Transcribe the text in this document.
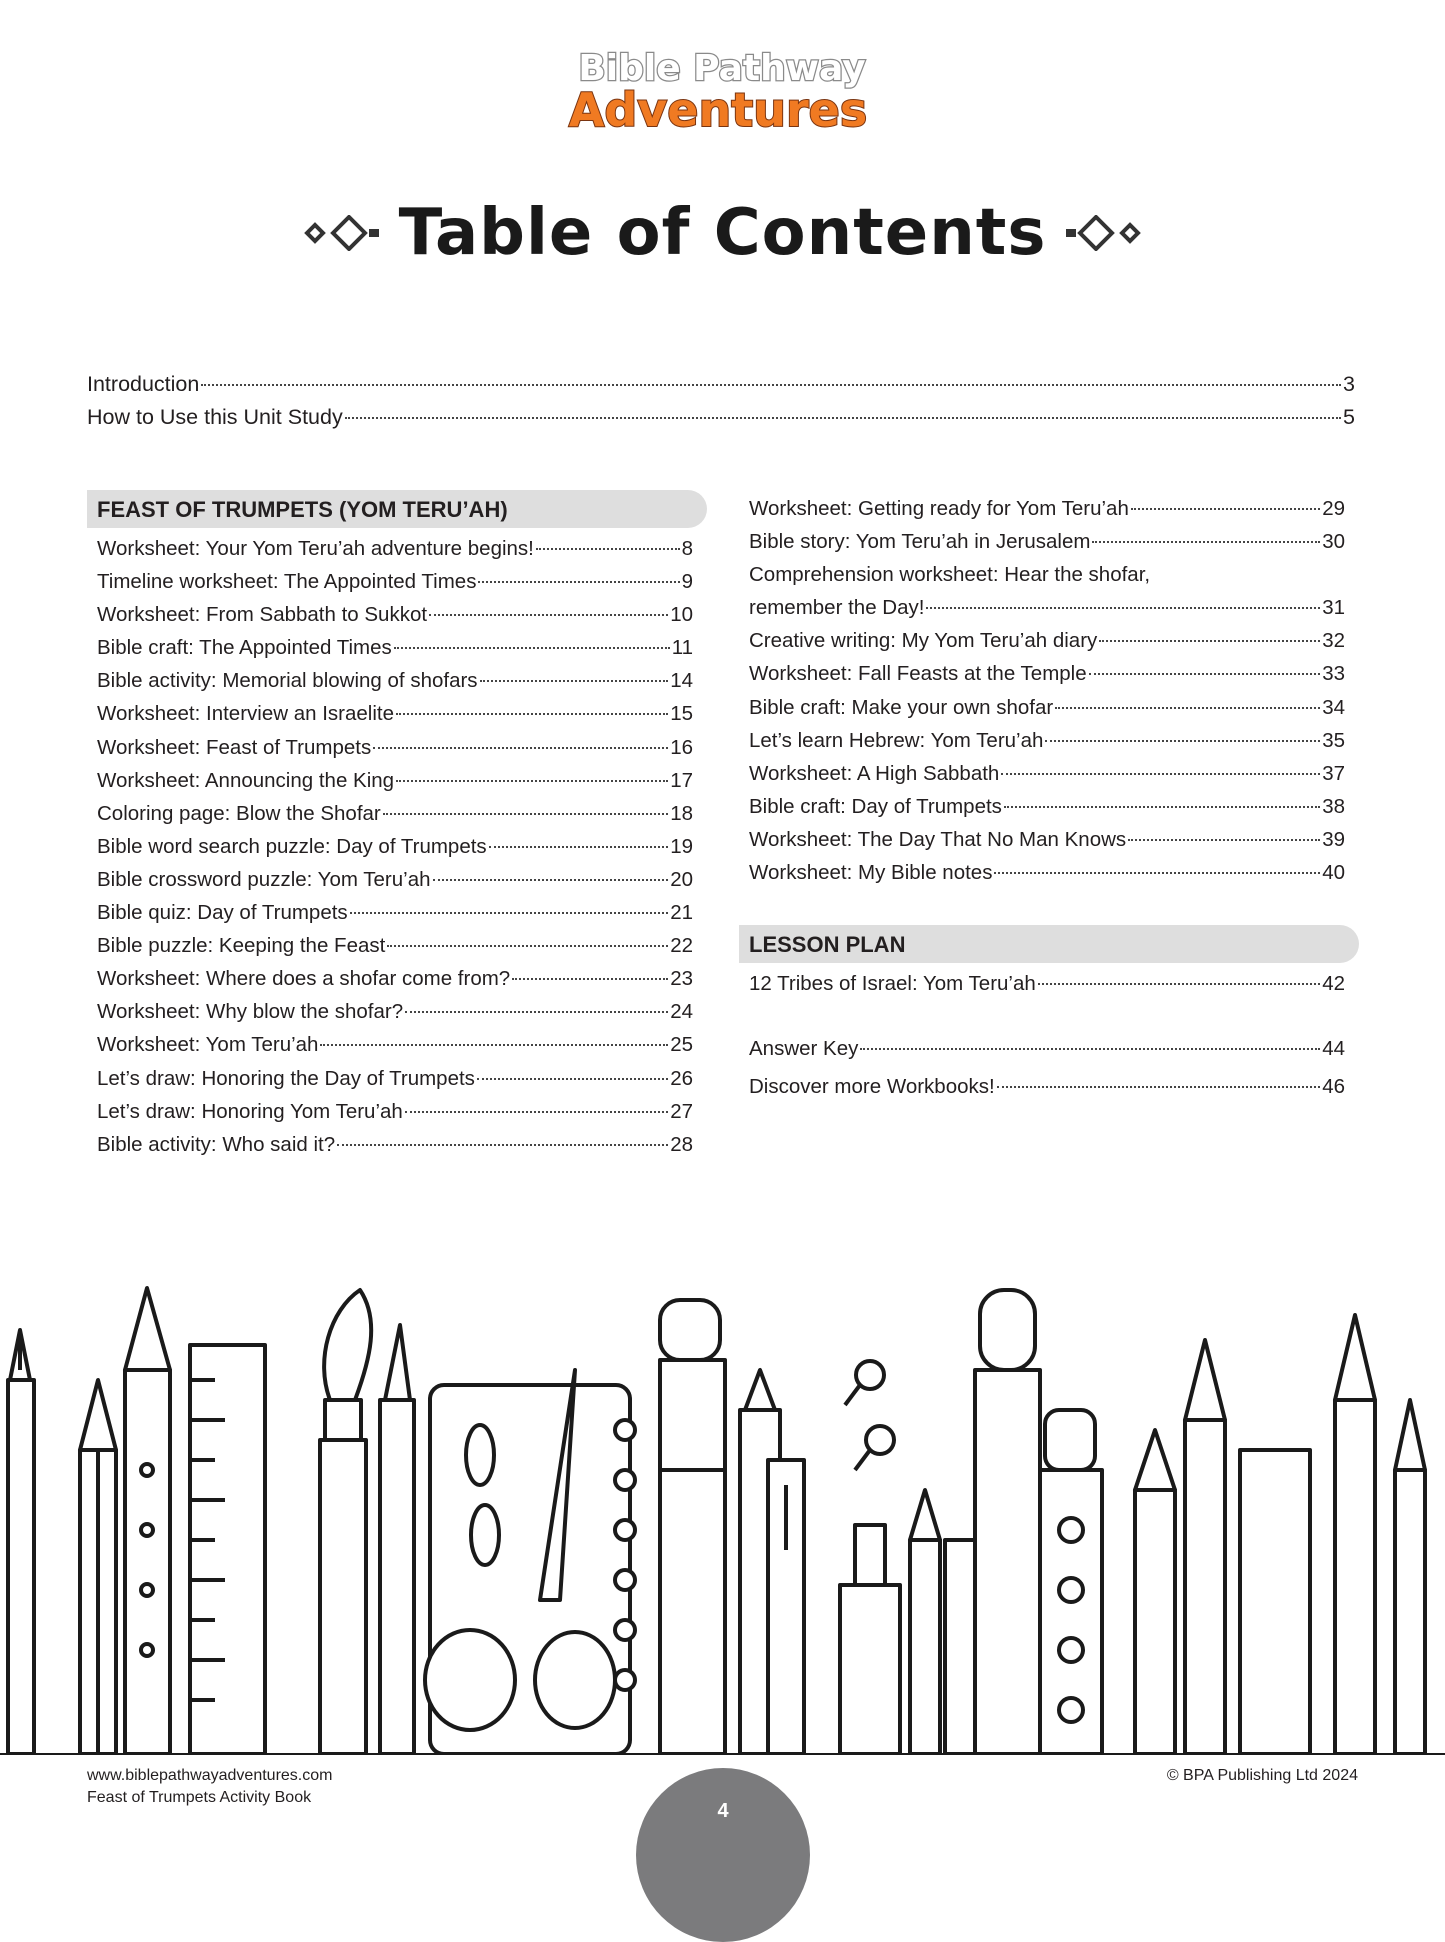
Bible Pathway
Adventures
Table of Contents
Introduction	3
How to Use this Unit Study	5
FEAST OF TRUMPETS (YOM TERU’AH)
Worksheet: Your Yom Teru’ah adventure begins!	8
Timeline worksheet: The Appointed Times	9
Worksheet: From Sabbath to Sukkot	10
Bible craft: The Appointed Times	11
Bible activity: Memorial blowing of shofars	14
Worksheet: Interview an Israelite	15
Worksheet: Feast of Trumpets	16
Worksheet: Announcing the King	17
Coloring page: Blow the Shofar	18
Bible word search puzzle: Day of Trumpets	19
Bible crossword puzzle: Yom Teru’ah	20
Bible quiz: Day of Trumpets	21
Bible puzzle: Keeping the Feast	22
Worksheet: Where does a shofar come from?	23
Worksheet: Why blow the shofar?	24
Worksheet: Yom Teru’ah	25
Let’s draw: Honoring the Day of Trumpets	26
Let’s draw: Honoring Yom Teru’ah	27
Bible activity: Who said it?	28
Worksheet: Getting ready for Yom Teru’ah	29
Bible story: Yom Teru’ah in Jerusalem	30
Comprehension worksheet: Hear the shofar,
remember the Day!	31
Creative writing: My Yom Teru’ah diary	32
Worksheet: Fall Feasts at the Temple	33
Bible craft: Make your own shofar	34
Let’s learn Hebrew: Yom Teru’ah	35
Worksheet: A High Sabbath	37
Bible craft: Day of Trumpets	38
Worksheet: The Day That No Man Knows	39
Worksheet: My Bible notes	40
LESSON PLAN
12 Tribes of Israel: Yom Teru’ah	42
Answer Key	44
Discover more Workbooks!	46
www.biblepathwayadventures.com
Feast of Trumpets Activity Book
© BPA Publishing Ltd 2024
4
